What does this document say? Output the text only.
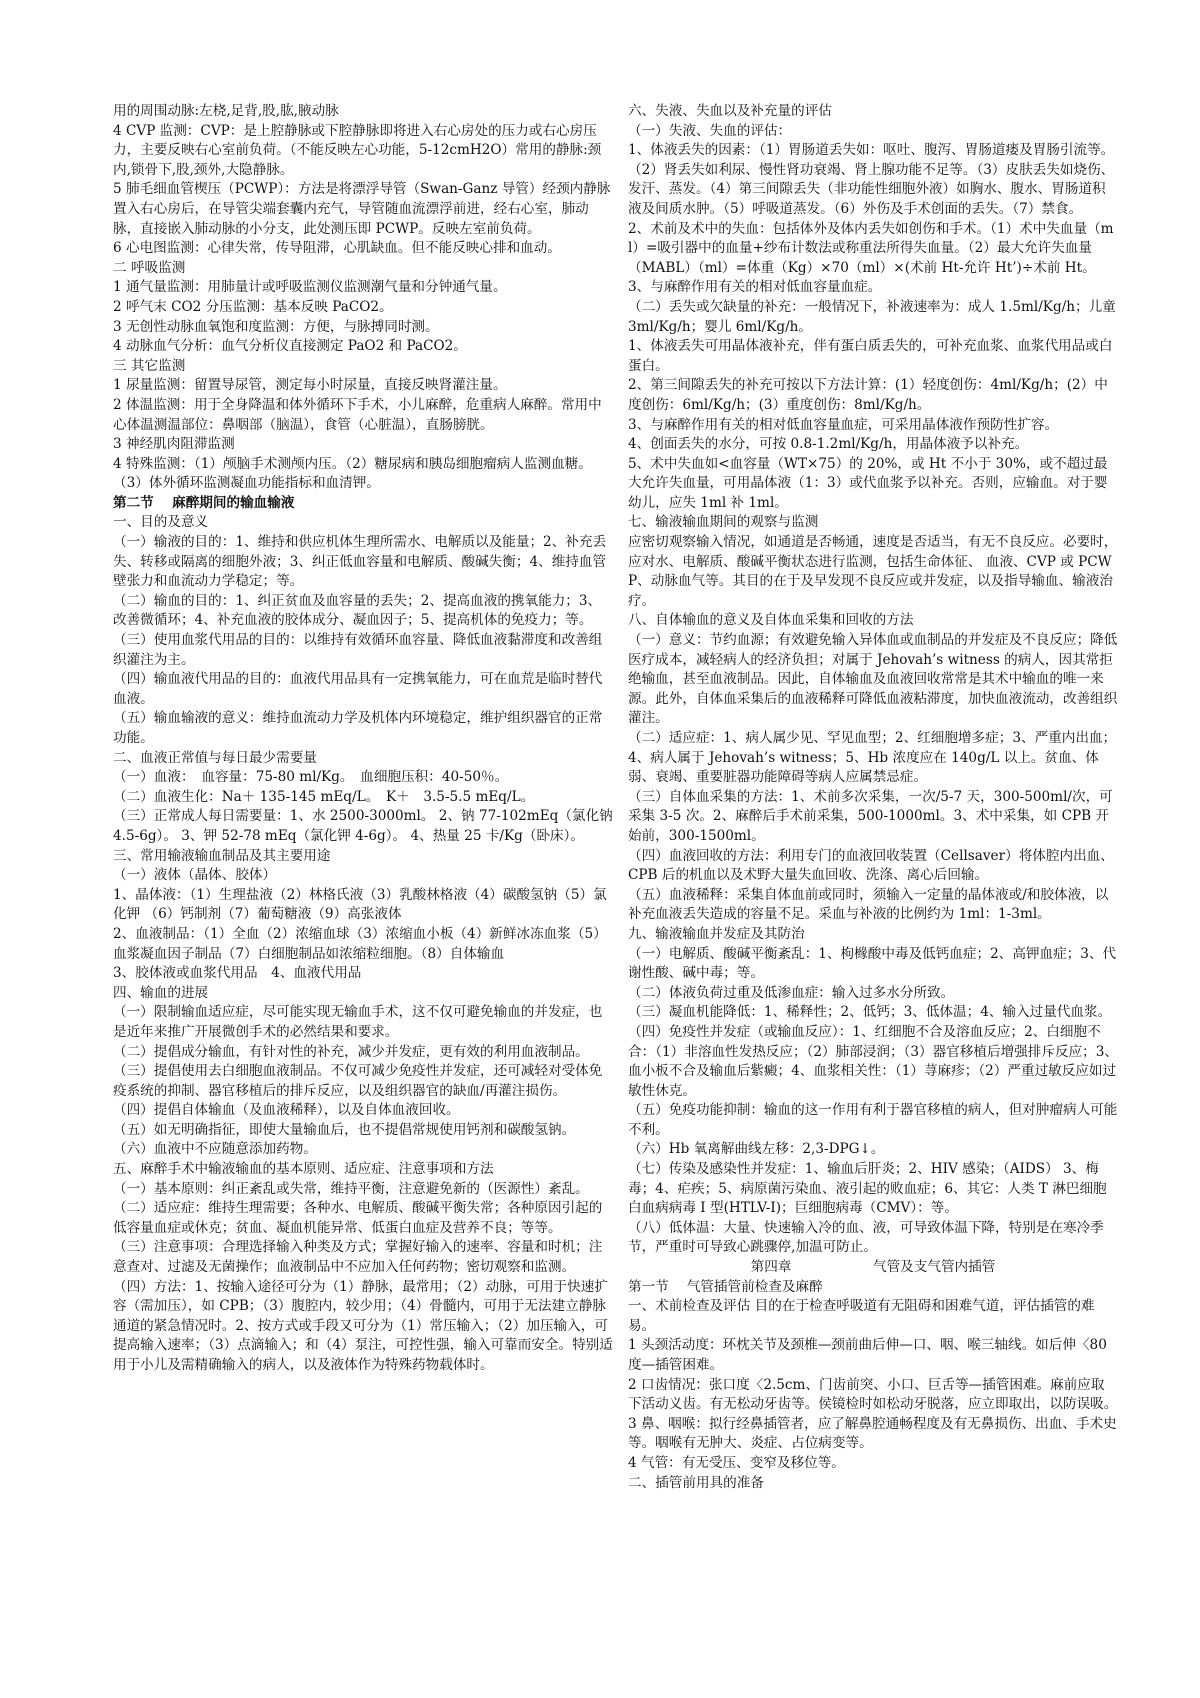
用的周围动脉:左桡,足背,股,肱,腋动脉

4 CVP 监测：CVP：是上腔静脉或下腔静脉即将进入右心房处的压力或右心房压力，主要反映右心室前负荷。（不能反映左心功能，5-12cmH2O）常用的静脉:颈内,锁骨下,股,颈外,大隐静脉。

5 肺毛细血管楔压（PCWP）：方法是将漂浮导管（Swan-Ganz 导管）经颈内静脉置入右心房后，在导管尖端套囊内充气，导管随血流漂浮前进，经右心室，肺动脉，直接嵌入肺动脉的小分支，此处测压即 PCWP。反映左室前负荷。

6 心电图监测：心律失常，传导阻滞，心肌缺血。但不能反映心排和血动。

二 呼吸监测

1 通气量监测：用肺量计或呼吸监测仪监测潮气量和分钟通气量。

2 呼气末 CO2 分压监测：基本反映 PaCO2。

3 无创性动脉血氧饱和度监测：方便，与脉搏同时测。

4 动脉血气分析：血气分析仪直接测定 PaO2 和 PaCO2。

三 其它监测

1 尿量监测：留置导尿管，测定每小时尿量，直接反映肾灌注量。

2 体温监测：用于全身降温和体外循环下手术，小儿麻醉，危重病人麻醉。常用中心体温测温部位：鼻咽部（脑温），食管（心脏温），直肠膀胱。

3 神经肌肉阻滞监测

4 特殊监测：（1）颅脑手术测颅内压。（2）糖尿病和胰岛细胞瘤病人监测血糖。（3）体外循环监测凝血功能指标和血清钾。

第二节　 麻醉期间的输血输液

一、目的及意义

（一）输液的目的：1、维持和供应机体生理所需水、电解质以及能量；2、补充丢失、转移或隔离的细胞外液；3、纠正低血容量和电解质、酸碱失衡；4、维持血管壁张力和血流动力学稳定；等。

（二）输血的目的：1、纠正贫血及血容量的丢失；2、提高血液的携氧能力；3、改善微循环；4、补充血液的胶体成分、凝血因子；5、提高机体的免疫力；等。

（三）使用血浆代用品的目的：以维持有效循环血容量、降低血液黏滞度和改善组织灌注为主。

（四）输血液代用品的目的：血液代用品具有一定携氧能力，可在血荒是临时替代血液。

（五）输血输液的意义：维持血流动力学及机体内环境稳定，维护组织器官的正常功能。

二、血液正常值与每日最少需要量

（一）血液：　血容量：75-80 ml/Kg。　血细胞压积：40-50％。

（二）血液生化：Na＋ 135-145 mEq/L。　K＋　3.5-5.5 mEq/L。

（三）正常成人每日需要量：1、水 2500-3000ml。 2、钠 77-102mEq（氯化钠 4.5-6g）。 3、钾 52-78 mEq（氯化钾 4-6g）。 4、热量 25 卡/Kg（卧床）。

三、常用输液输血制品及其主要用途

（一）液体（晶体、胶体）

1、晶体液：（1）生理盐液（2）林格氏液（3）乳酸林格液（4）碳酸氢钠（5）氯化钾 （6）钙制剂（7）葡萄糖液（9）高张液体

2、血液制品：（1）全血（2）浓缩血球（3）浓缩血小板（4）新鲜冰冻血浆（5）血浆凝血因子制品（7）白细胞制品如浓缩粒细胞。（8）自体输血

3、胶体液或血浆代用品　4、血液代用品

四、输血的进展

（一）限制输血适应症，尽可能实现无输血手术，这不仅可避免输血的并发症，也是近年来推广开展微创手术的必然结果和要求。

（二）提倡成分输血，有针对性的补充，减少并发症，更有效的利用血液制品。

（三）提倡使用去白细胞血液制品。不仅可减少免疫性并发症，还可减轻对受体免疫系统的抑制、器官移植后的排斥反应，以及组织器官的缺血/再灌注损伤。

（四）提倡自体输血（及血液稀释），以及自体血液回收。

（五）如无明确指征，即使大量输血后，也不提倡常规使用钙剂和碳酸氢钠。

（六）血液中不应随意添加药物。

五、麻醉手术中输液输血的基本原则、适应症、注意事项和方法

（一）基本原则：纠正紊乱或失常，维持平衡，注意避免新的（医源性）紊乱。

（二）适应症：维持生理需要；各种水、电解质、酸碱平衡失常；各种原因引起的低容量血症或休克；贫血、凝血机能异常、低蛋白血症及营养不良；等等。

（三）注意事项：合理选择输入种类及方式；掌握好输入的速率、容量和时机；注意查对、过滤及无菌操作；血液制品中不应加入任何药物；密切观察和监测。

（四）方法：1、按输入途径可分为（1）静脉，最常用；（2）动脉，可用于快速扩容（需加压），如 CPB；（3）腹腔内，较少用；（4）骨髓内，可用于无法建立静脉通道的紧急情况时。2、按方式或手段又可分为（1）常压输入；（2）加压输入，可提高输入速率；（3）点滴输入；和（4）泵注，可控性强，输入可靠而安全。特别适用于小儿及需精确输入的病人，以及液体作为特殊药物载体时。

六、失液、失血以及补充量的评估

（一）失液、失血的评估：

1、体液丢失的因素：（1）胃肠道丢失如：呕吐、腹泻、胃肠道瘘及胃肠引流等。（2）肾丢失如利尿、慢性肾功衰竭、肾上腺功能不足等。（3）皮肤丢失如烧伤、发汗、蒸发。（4）第三间隙丢失（非功能性细胞外液）如胸水、腹水、胃肠道积液及间质水肿。（5）呼吸道蒸发。（6）外伤及手术创面的丢失。（7）禁食。

2、术前及术中的失血：包括体外及体内丢失如创伤和手术。（1）术中失血量（ml）=吸引器中的血量+纱布计数法或称重法所得失血量。（2）最大允许失血量（MABL）（ml）=体重（Kg）×70（ml）×(术前 Ht-允许 Ht’)÷术前 Ht。

3、与麻醉作用有关的相对低血容量血症。

（二）丢失或欠缺量的补充：一般情况下，补液速率为：成人 1.5ml/Kg/h；儿童 3ml/Kg/h；婴儿 6ml/Kg/h。

1、体液丢失可用晶体液补充，伴有蛋白质丢失的，可补充血浆、血浆代用品或白蛋白。

2、第三间隙丢失的补充可按以下方法计算：(1）轻度创伤：4ml/Kg/h；(2）中度创伤：6ml/Kg/h；(3）重度创伤：8ml/Kg/h。

3、与麻醉作用有关的相对低血容量血症，可采用晶体液作预防性扩容。

4、创面丢失的水分，可按 0.8-1.2ml/Kg/h，用晶体液予以补充。

5、术中失血如<血容量（WT×75）的 20%，或 Ht 不小于 30%，或不超过最大允许失血量，可用晶体液（1：3）或代血浆予以补充。否则，应输血。对于婴幼儿，应失 1ml 补 1ml。

七、输液输血期间的观察与监测

应密切观察输入情况，如通道是否畅通，速度是否适当，有无不良反应。必要时，应对水、电解质、酸碱平衡状态进行监测，包括生命体征、 血液、CVP 或 PCWP、动脉血气等。其目的在于及早发现不良反应或并发症，以及指导输血、输液治疗。

八、自体输血的意义及自体血采集和回收的方法

（一）意义：节约血源；有效避免输入异体血或血制品的并发症及不良反应；降低医疗成本，减轻病人的经济负担；对属于 Jehovah’s witness 的病人，因其常拒绝输血，甚至血液制品。因此，自体输血及血液回收常常是其术中输血的唯一来源。此外，自体血采集后的血液稀释可降低血液粘滞度，加快血液流动，改善组织灌注。

（二）适应症：1、病人属少见、罕见血型；2、红细胞增多症；3、严重内出血；4、病人属于 Jehovah’s witness；5、Hb 浓度应在 140g/L 以上。贫血、体弱、衰竭、重要脏器功能障碍等病人应属禁忌症。

（三）自体血采集的方法：1、术前多次采集，一次/5-7 天，300-500ml/次，可采集 3-5 次。2、麻醉后手术前采集，500-1000ml。3、术中采集，如 CPB 开始前，300-1500ml。

（四）血液回收的方法：利用专门的血液回收装置（Cellsaver）将体腔内出血、CPB 后的机血以及术野大量失血回收、洗涤、离心后回输。

（五）血液稀释：采集自体血前或同时，须输入一定量的晶体液或/和胶体液，以补充血液丢失造成的容量不足。采血与补液的比例约为 1ml：1-3ml。

九、输液输血并发症及其防治

（一）电解质、酸碱平衡紊乱：1、枸橼酸中毒及低钙血症；2、高钾血症；3、代谢性酸、碱中毒；等。

（二）体液负荷过重及低渗血症：输入过多水分所致。

（三）凝血机能降低：1、稀释性；2、低钙；3、低体温；4、输入过量代血浆。

（四）免疫性并发症（或输血反应）：1、红细胞不合及溶血反应；2、白细胞不合：（1）非溶血性发热反应；（2）肺部浸润；（3）器官移植后增强排斥反应；3、血小板不合及输血后紫癜；4、血浆相关性：（1）荨麻疹；（2）严重过敏反应如过敏性休克。

（五）免疫功能抑制：输血的这一作用有利于器官移植的病人，但对肿瘤病人可能不利。

（六）Hb 氧离解曲线左移：2,3-DPG↓。

（七）传染及感染性并发症：1、输血后肝炎；2、HIV 感染；（AIDS） 3、梅毒；4、疟疾；5、病原菌污染血、液引起的败血症；6、其它：人类 T 淋巴细胞白血病病毒 I 型(HTLV-I)；巨细胞病毒（CMV）：等。

（八）低体温：大量、快速输入冷的血、液，可导致体温下降，特别是在寒冷季节，严重时可导致心跳骤停,加温可防止。

第四章　　　　　　气管及支气管内插管

第一节　 气管插管前检查及麻醉

一、术前检查及评估 目的在于检查呼吸道有无阻碍和困难气道，评估插管的难易。

1 头颈活动度：环枕关节及颈椎—颈前曲后伸—口、咽、喉三轴线。如后伸〈80 度—插管困难。

2 口齿情况：张口度〈2.5cm、门齿前突、小口、巨舌等—插管困难。麻前应取下活动义齿。有无松动牙齿等。侯镜检时如松动牙脱落，应立即取出，以防误吸。

3 鼻、咽喉：拟行经鼻插管者，应了解鼻腔通畅程度及有无鼻损伤、出血、手术史等。咽喉有无肿大、炎症、占位病变等。

4 气管：有无受压、变窄及移位等。

二、插管前用具的准备
